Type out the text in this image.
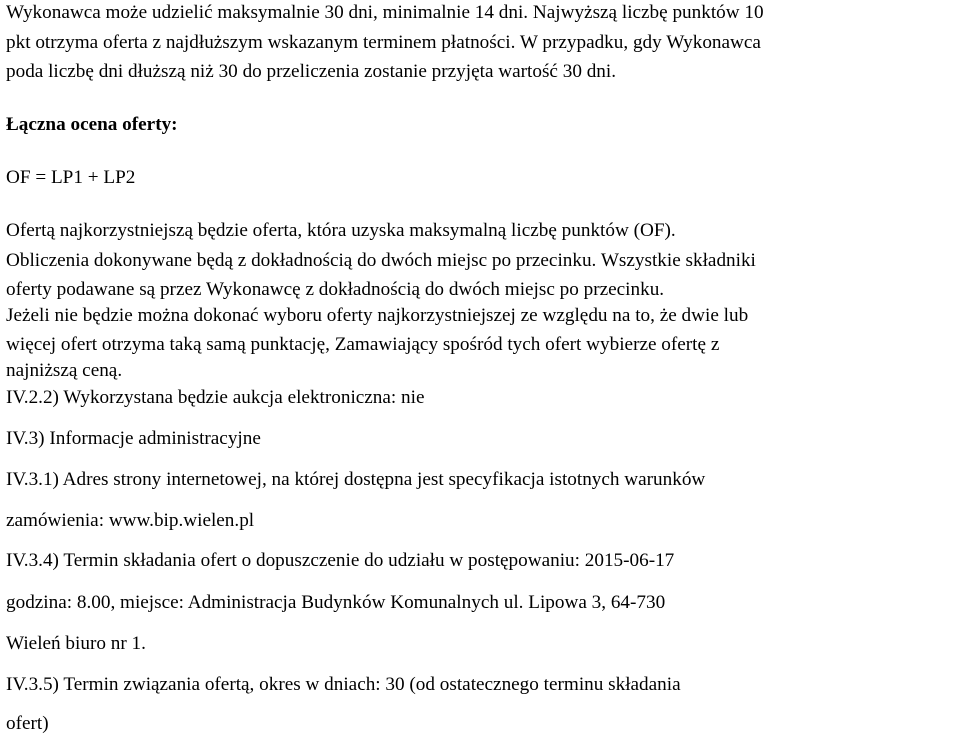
Wykonawca może udzielić maksymalnie 30 dni, minimalnie 14 dni. Najwyższą liczbę punktów 10
pkt otrzyma oferta z najdłuższym wskazanym terminem płatności. W przypadku, gdy Wykonawca
poda liczbę dni dłuższą niż 30 do przeliczenia zostanie przyjęta wartość 30 dni.
Łączna ocena oferty:
OF = LP1 + LP2
Ofertą najkorzystniejszą będzie oferta, która uzyska maksymalną liczbę punktów (OF).
Obliczenia dokonywane będą z dokładnością do dwóch miejsc po przecinku. Wszystkie składniki
oferty podawane są przez Wykonawcę z dokładnością do dwóch miejsc po przecinku.
Jeżeli nie będzie można dokonać wyboru oferty najkorzystniejszej ze względu na to, że dwie lub
więcej ofert otrzyma taką samą punktację, Zamawiający spośród tych ofert wybierze ofertę z
najniższą ceną.
IV.2.2) Wykorzystana będzie aukcja elektroniczna: nie
IV.3) Informacje administracyjne
IV.3.1) Adres strony internetowej, na której dostępna jest specyfikacja istotnych warunków
zamówienia: www.bip.wielen.pl
IV.3.4) Termin składania ofert o dopuszczenie do udziału w postępowaniu: 2015-06-17
godzina: 8.00, miejsce: Administracja Budynków Komunalnych ul. Lipowa 3, 64-730
Wieleń biuro nr 1.
IV.3.5) Termin związania ofertą, okres w dniach: 30 (od ostatecznego terminu składania
ofert)
